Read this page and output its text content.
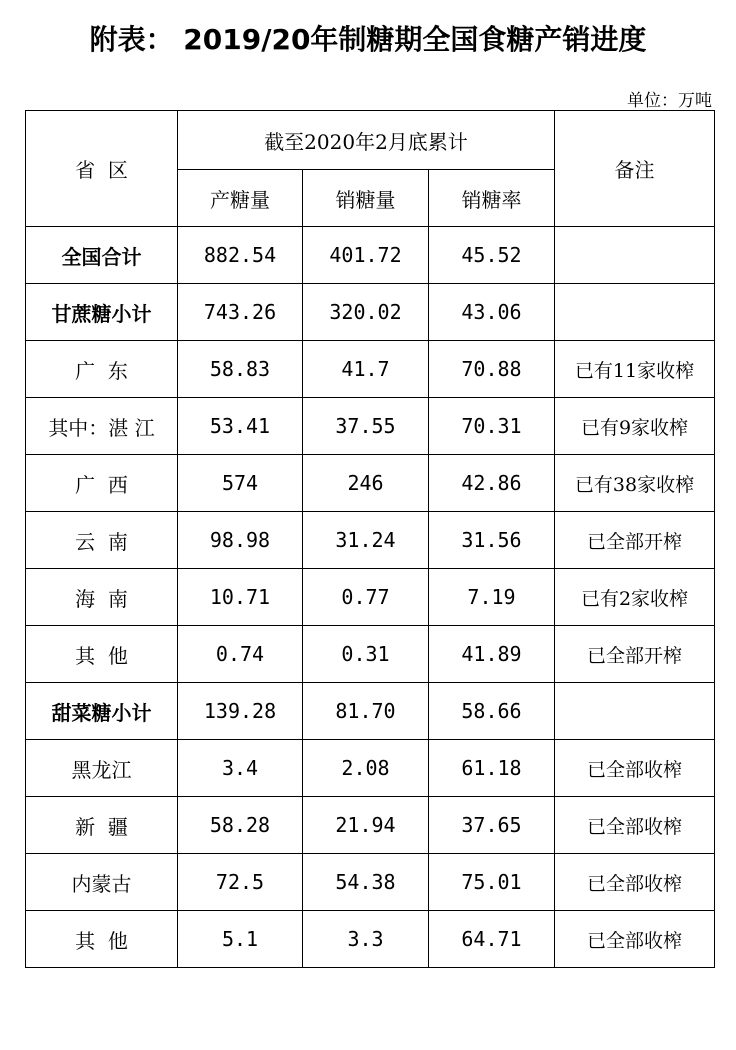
附表： 2019/20年制糖期全国食糖产销进度
单位：万吨
省  区	截至2020年2月底累计			备注
	产糖量	销糖量	销糖率	
全国合计	882.54	401.72	45.52	
甘蔗糖小计	743.26	320.02	43.06	
广  东	58.83	41.7	70.88	已有11家收榨
其中：湛 江	53.41	37.55	70.31	已有9家收榨
广  西	574	246	42.86	已有38家收榨
云  南	98.98	31.24	31.56	已全部开榨
海  南	10.71	0.77	7.19	已有2家收榨
其  他	0.74	0.31	41.89	已全部开榨
甜菜糖小计	139.28	81.70	58.66	
黑龙江	3.4	2.08	61.18	已全部收榨
新  疆	58.28	21.94	37.65	已全部收榨
内蒙古	72.5	54.38	75.01	已全部收榨
其  他	5.1	3.3	64.71	已全部收榨
